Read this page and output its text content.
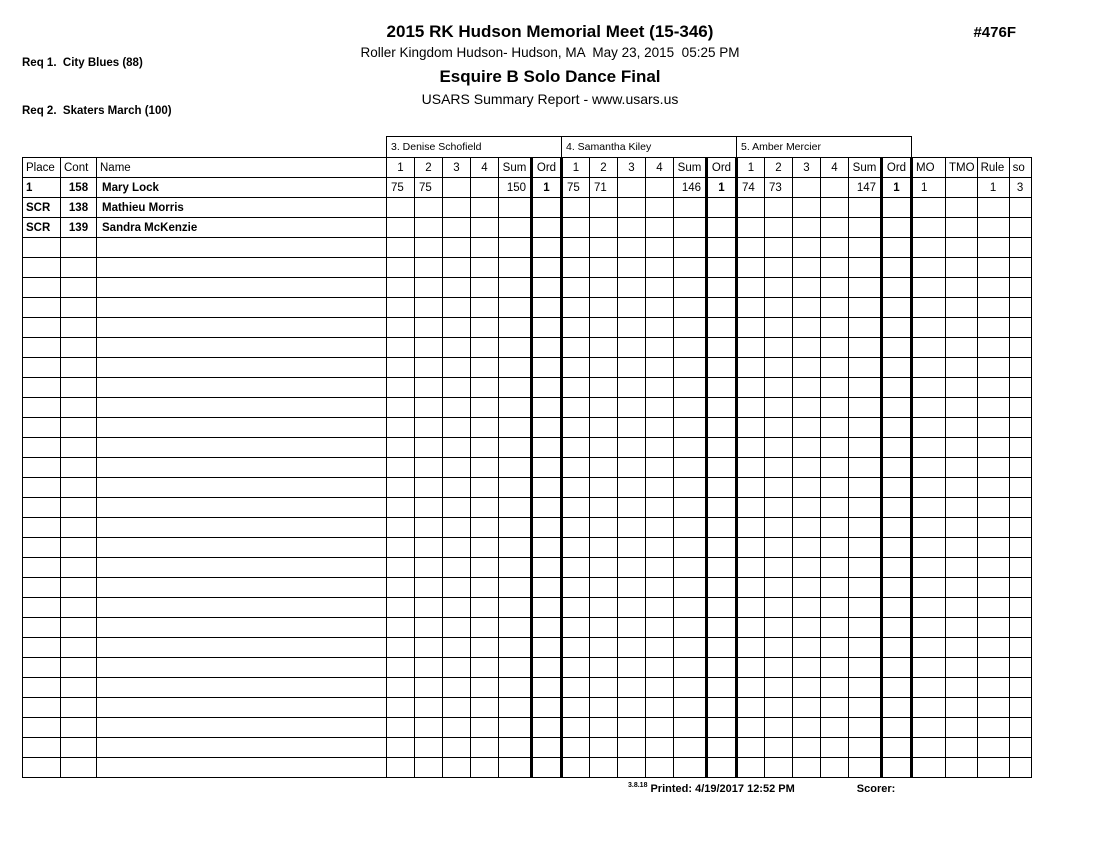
Req 1.  City Blues (88)

Req 2.  Skaters March (100)

#476F
2015 RK Hudson Memorial Meet (15-346)
Roller Kingdom Hudson- Hudson, MA  May 23, 2015  05:25 PM
Esquire B Solo Dance Final
USARS Summary Report - www.usars.us
			3. Denise Schofield						4. Samantha Kiley						5. Amber Mercier									
Place	Cont	Name	1	2	3	4	Sum	Ord	1	2	3	4	Sum	Ord	1	2	3	4	Sum	Ord	MO	TMO	Rule	so
1	158	Mary Lock	75	75			150	1	75	71			146	1	74	73			147	1	1		1	3
SCR	138	Mathieu Morris																						
SCR	139	Sandra McKenzie																						

3.8.18 Printed: 4/19/2017 12:52 PM	Scorer:
